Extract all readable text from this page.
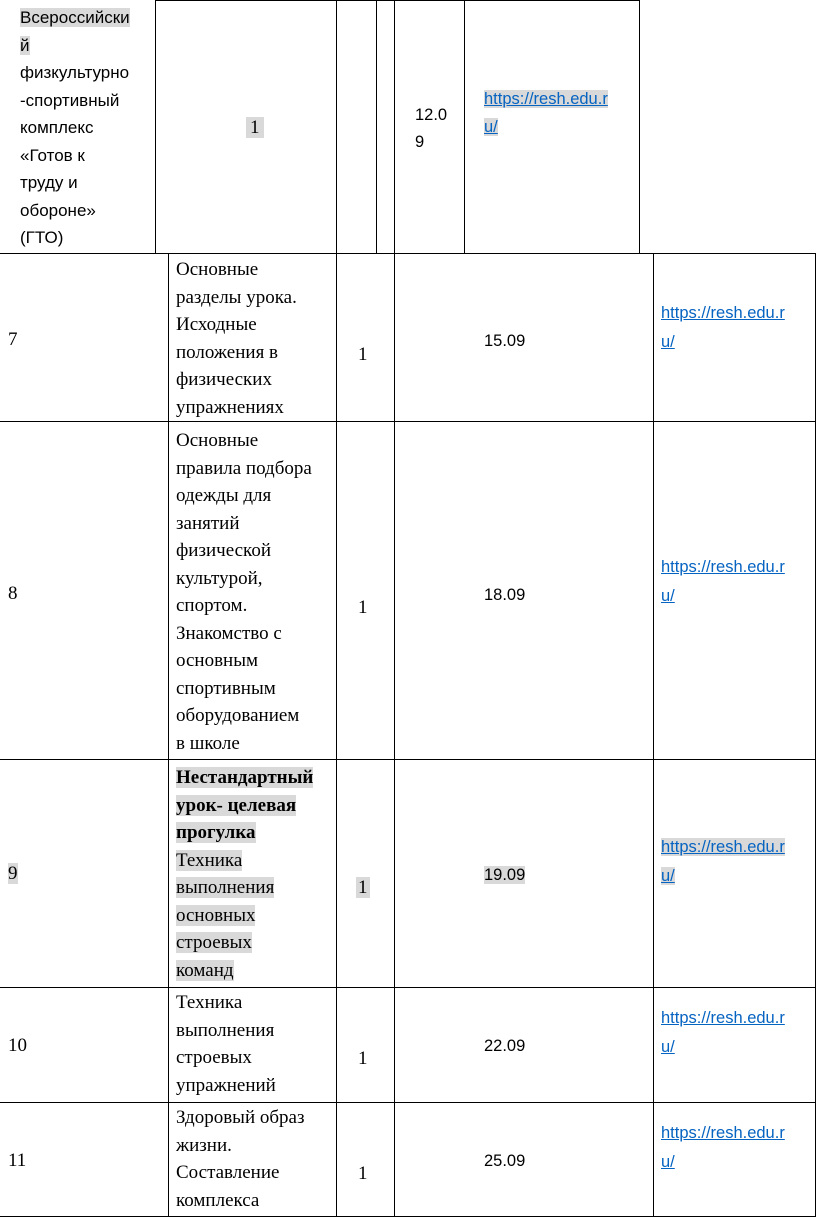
Всероссийски
й
физкультурно
-спортивный
комплекс
«Готов к
труду и
обороне»
(ГТО)
1
12.0
9
https://resh.edu.r
u/
7
Основные
разделы урока.
Исходные
положения в
физических
упражнениях
1
15.09
https://resh.edu.r
u/
8
Основные
правила подбора
одежды для
занятий
физической
культурой,
спортом.
Знакомство с
основным
спортивным
оборудованием
в школе
1
18.09
https://resh.edu.r
u/
9
Нестандартный
урок- целевая
прогулка
Техника
выполнения
основных
строевых
команд
1
19.09
https://resh.edu.r
u/
10
Техника
выполнения
строевых
упражнений
1
22.09
https://resh.edu.r
u/
11
Здоровый образ
жизни.
Составление
комплекса
1
25.09
https://resh.edu.r
u/
